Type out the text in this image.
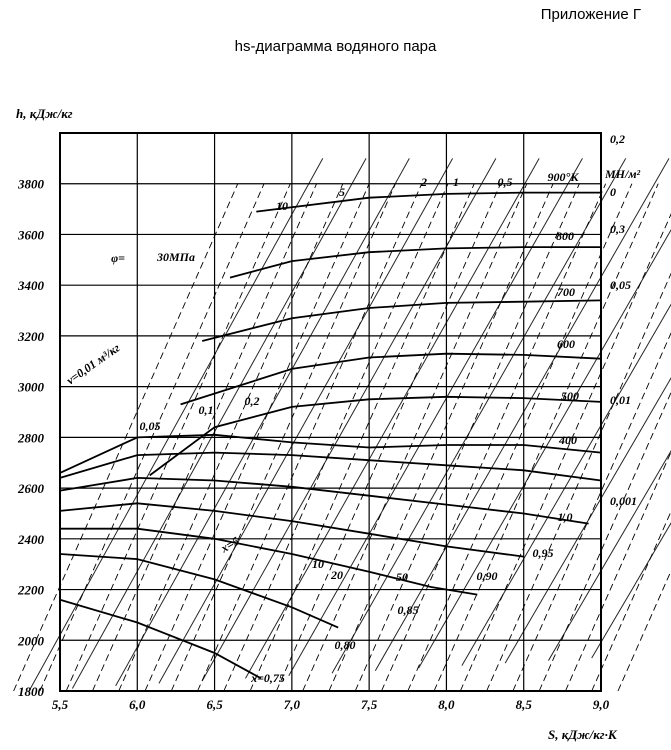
Приложение Г
hs-диаграмма водяного пара
h, кДж/кг
S, кДж/кг·К
5,5	6,0	6,5	7,0	7,5	8,0	8,5	9,0
1800
2000
2200
2400
2600
2800
3000
3200
3400
3600
3800	900°К
800
700
600
500
400
0,2
0
0,3
0,05
0,01
0,001
МН/м²
30МПа
10
5
2 1	0,5
0,2
0,1
0,05
20	50
φ=
1,0
0,95
0,90
0,85
0,80
x=0,75
v=0,01 м³/кг
10
x=5
